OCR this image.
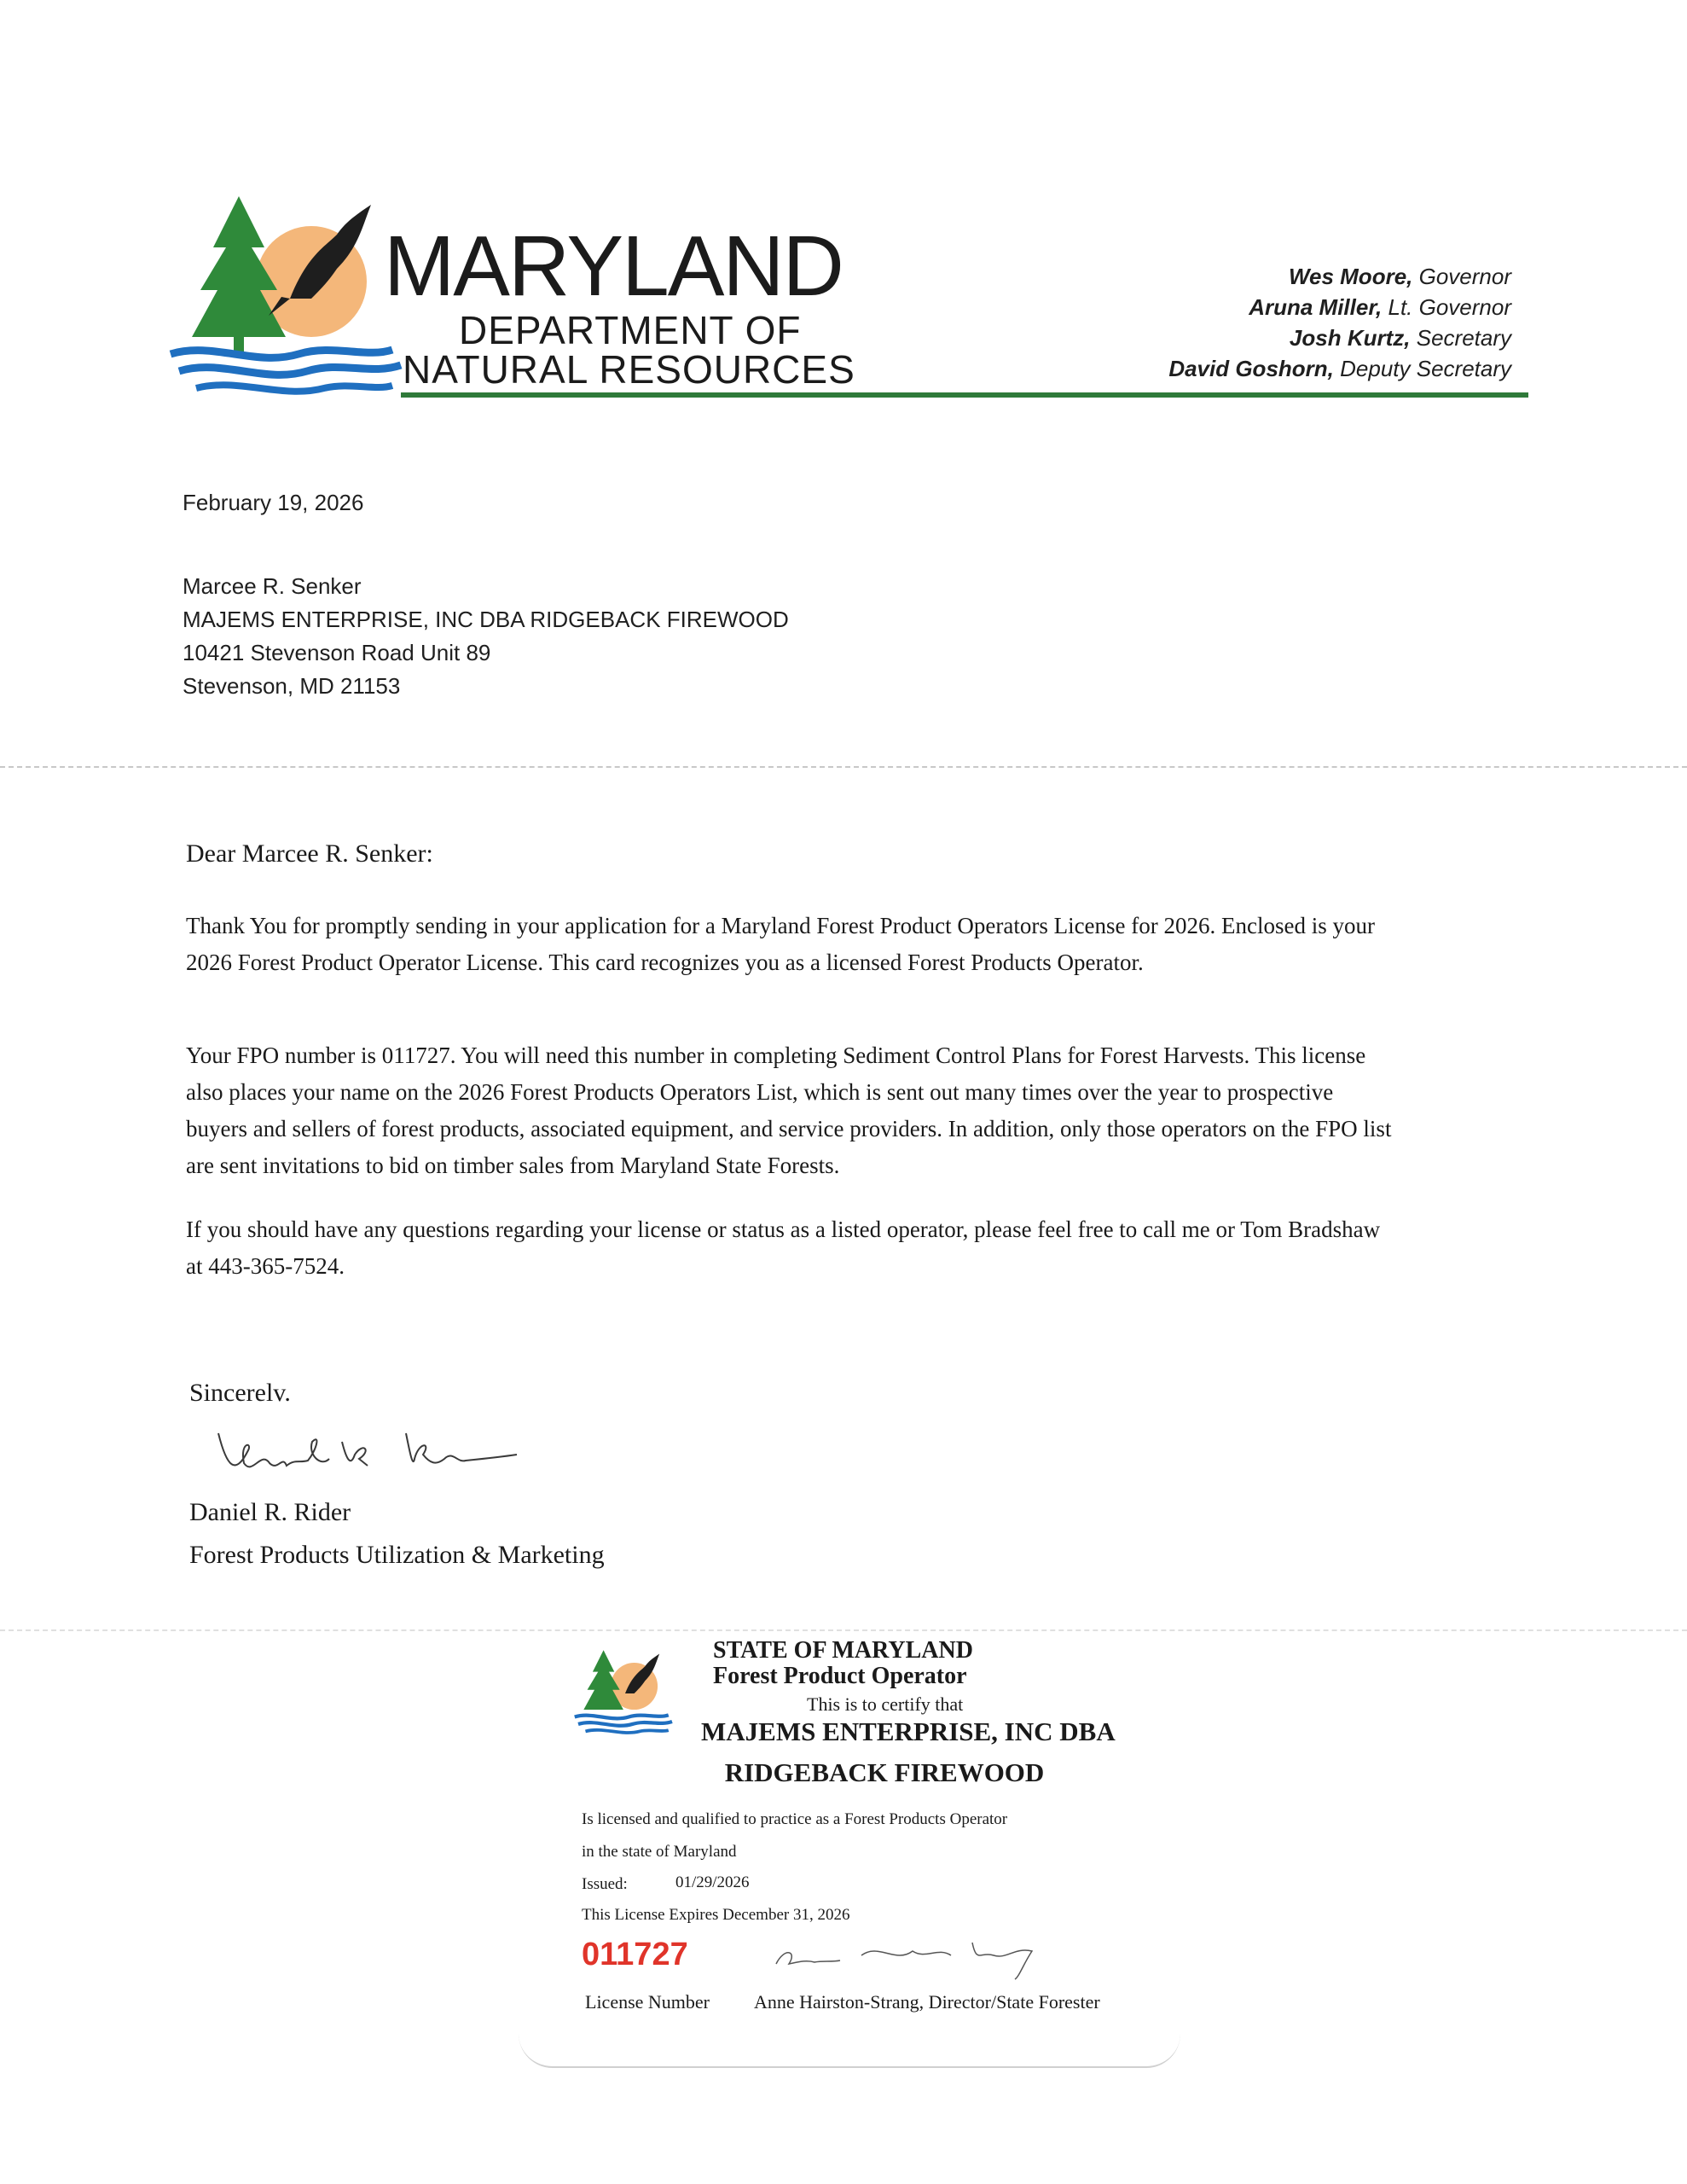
MARYLAND
DEPARTMENT OF
NATURAL RESOURCES
Wes Moore, Governor
Aruna Miller, Lt. Governor
Josh Kurtz, Secretary
David Goshorn, Deputy Secretary
February 19, 2026
Marcee R. Senker
MAJEMS ENTERPRISE, INC DBA RIDGEBACK FIREWOOD
10421 Stevenson Road Unit 89
Stevenson, MD 21153
Dear Marcee R. Senker:
Thank You for promptly sending in your application for a Maryland Forest Product Operators License for 2026. Enclosed is your 2026 Forest Product Operator License. This card recognizes you as a licensed Forest Products Operator.
Your FPO number is 011727. You will need this number in completing Sediment Control Plans for Forest Harvests. This license also places your name on the 2026 Forest Products Operators List, which is sent out many times over the year to prospective buyers and sellers of forest products, associated equipment, and service providers. In addition, only those operators on the FPO list are sent invitations to bid on timber sales from Maryland State Forests.
If you should have any questions regarding your license or status as a listed operator, please feel free to call me or Tom Bradshaw at 443-365-7524.
Sincerelv.
Daniel R. Rider
Forest Products Utilization & Marketing
STATE OF MARYLAND
Forest Product Operator
This is to certify that
MAJEMS ENTERPRISE, INC DBA
RIDGEBACK FIREWOOD
Is licensed and qualified to practice as a Forest Products Operator
in the state of Maryland
Issued:	01/29/2026
This License Expires December 31, 2026
011727
License Number Anne Hairston-Strang, Director/State Forester
